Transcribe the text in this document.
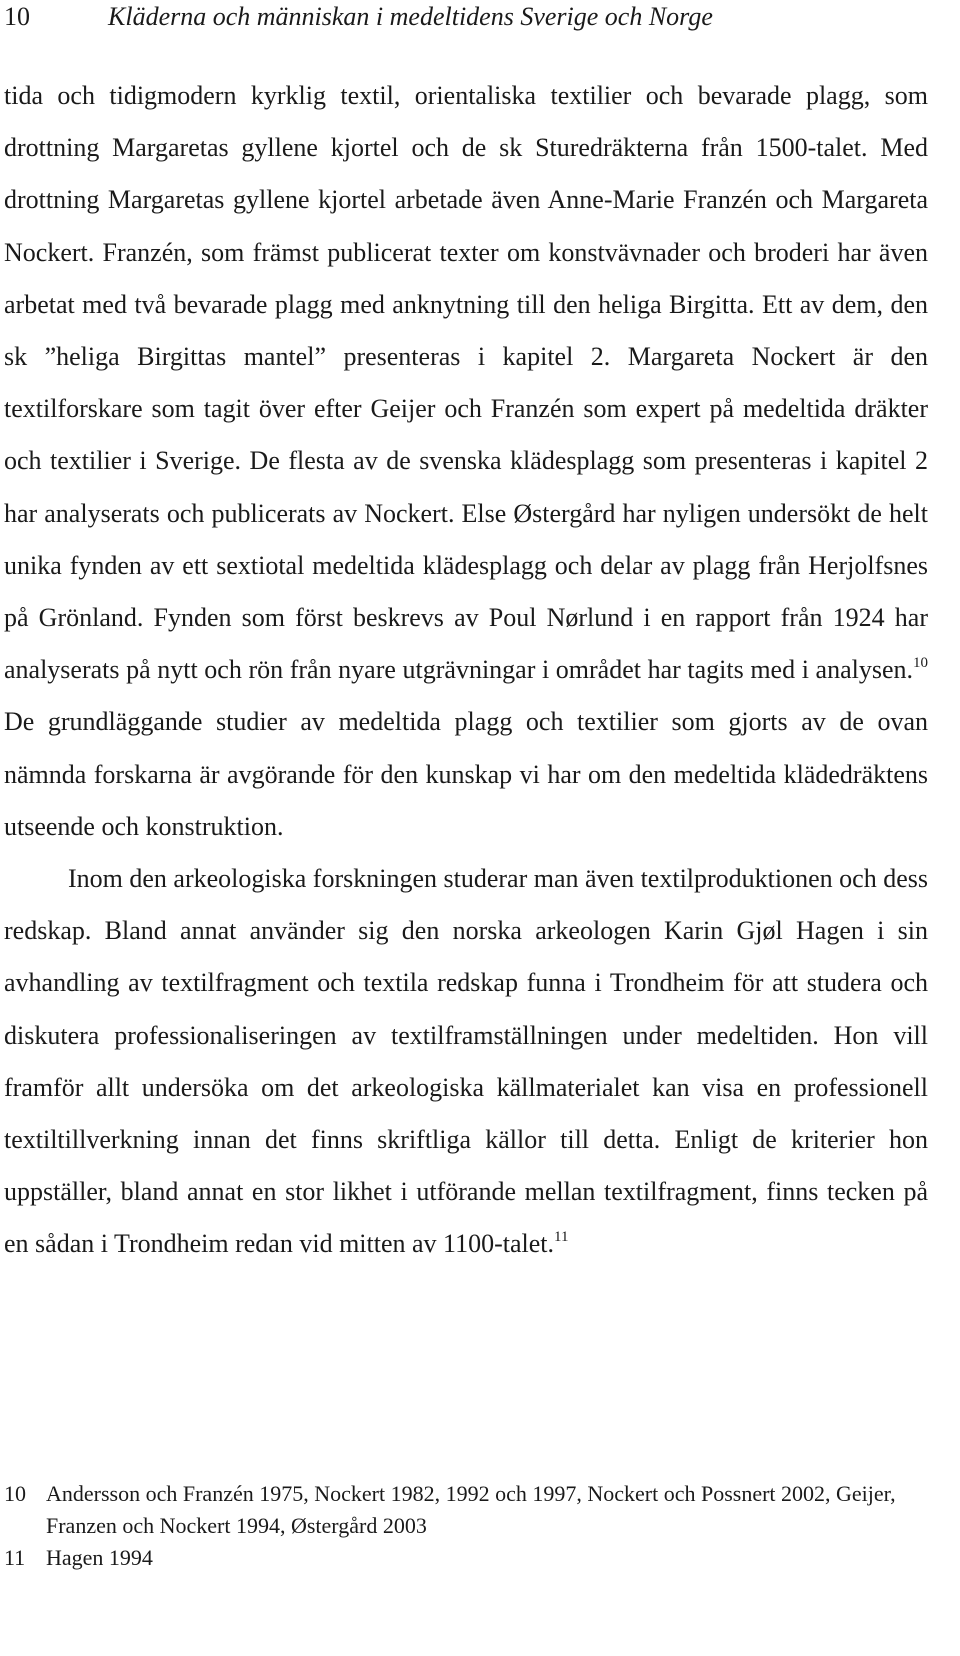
10	Kläderna och människan i medeltidens Sverige och Norge

tida och tidigmodern kyrklig textil, orientaliska textilier och bevarade plagg, som drottning Margaretas gyllene kjortel och de sk Sturedräkterna från 1500-talet. Med drottning Margaretas gyllene kjortel arbetade även Anne-Marie Franzén och Margareta Nockert. Franzén, som främst publicerat texter om konstvävnader och broderi har även arbetat med två bevarade plagg med anknytning till den heliga Birgitta. Ett av dem, den sk ”heliga Birgittas mantel” presenteras i kapitel 2. Margareta Nockert är den textilforskare som tagit över efter Geijer och Franzén som expert på medeltida dräkter och textilier i Sverige. De flesta av de svenska klädesplagg som presenteras i kapitel 2 har analyserats och publicerats av Nockert. Else Østergård har nyligen undersökt de helt unika fynden av ett sextiotal medeltida klädesplagg och delar av plagg från Herjolfsnes på Grönland. Fynden som först beskrevs av Poul Nørlund i en rapport från 1924 har analyserats på nytt och rön från nyare utgrävningar i området har tagits med i analysen.$^{10}$ De grundläggande studier av medeltida plagg och textilier som gjorts av de ovan nämnda forskarna är avgörande för den kunskap vi har om den medeltida klädedräktens utseende och konstruktion.

Inom den arkeologiska forskningen studerar man även textilproduktionen och dess redskap. Bland annat använder sig den norska arkeologen Karin Gjøl Hagen i sin avhandling av textilfragment och textila redskap funna i Trondheim för att studera och diskutera professionaliseringen av textilframställningen under medeltiden. Hon vill framför allt undersöka om det arkeologiska källmaterialet kan visa en professionell textiltillverkning innan det finns skriftliga källor till detta. Enligt de kriterier hon uppställer, bland annat en stor likhet i utförande mellan textilfragment, finns tecken på en sådan i Trondheim redan vid mitten av 1100-talet.$^{11}$

10 Andersson och Franzén 1975, Nockert 1982, 1992 och 1997, Nockert och Possnert 2002, Geijer, Franzen och Nockert 1994, Østergård 2003
11 Hagen 1994
